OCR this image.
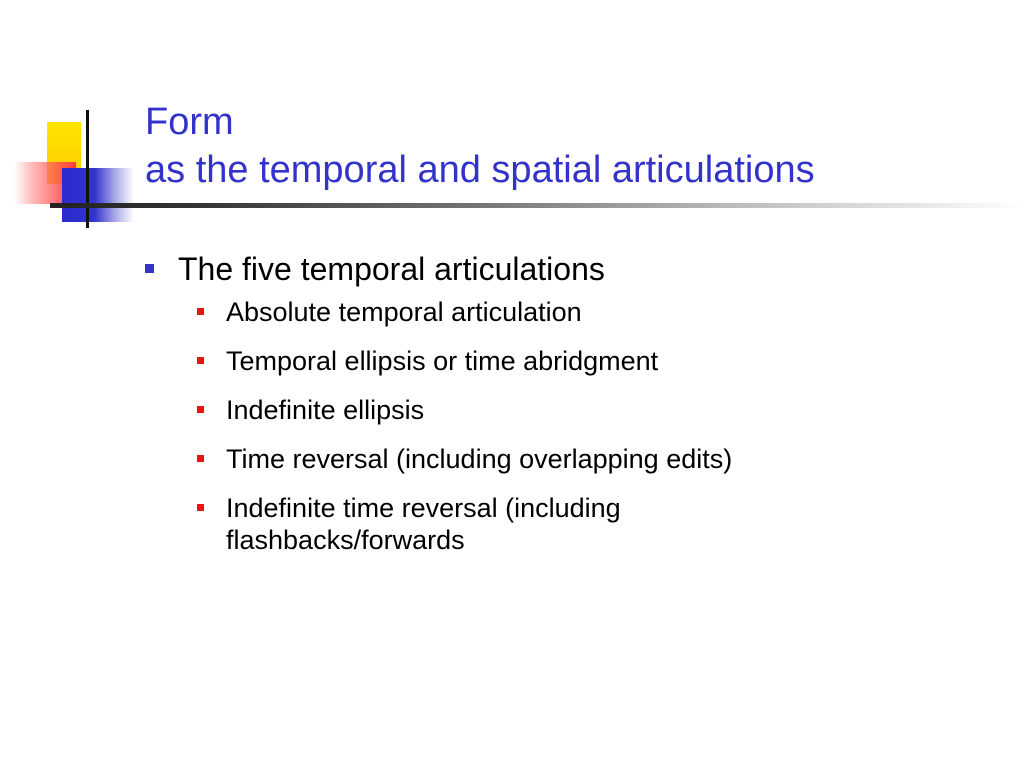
Form
as the temporal and spatial articulations
The five temporal articulations
Absolute temporal articulation
Temporal ellipsis or time abridgment
Indefinite ellipsis
Time reversal (including overlapping edits)
Indefinite time reversal (including flashbacks/forwards
